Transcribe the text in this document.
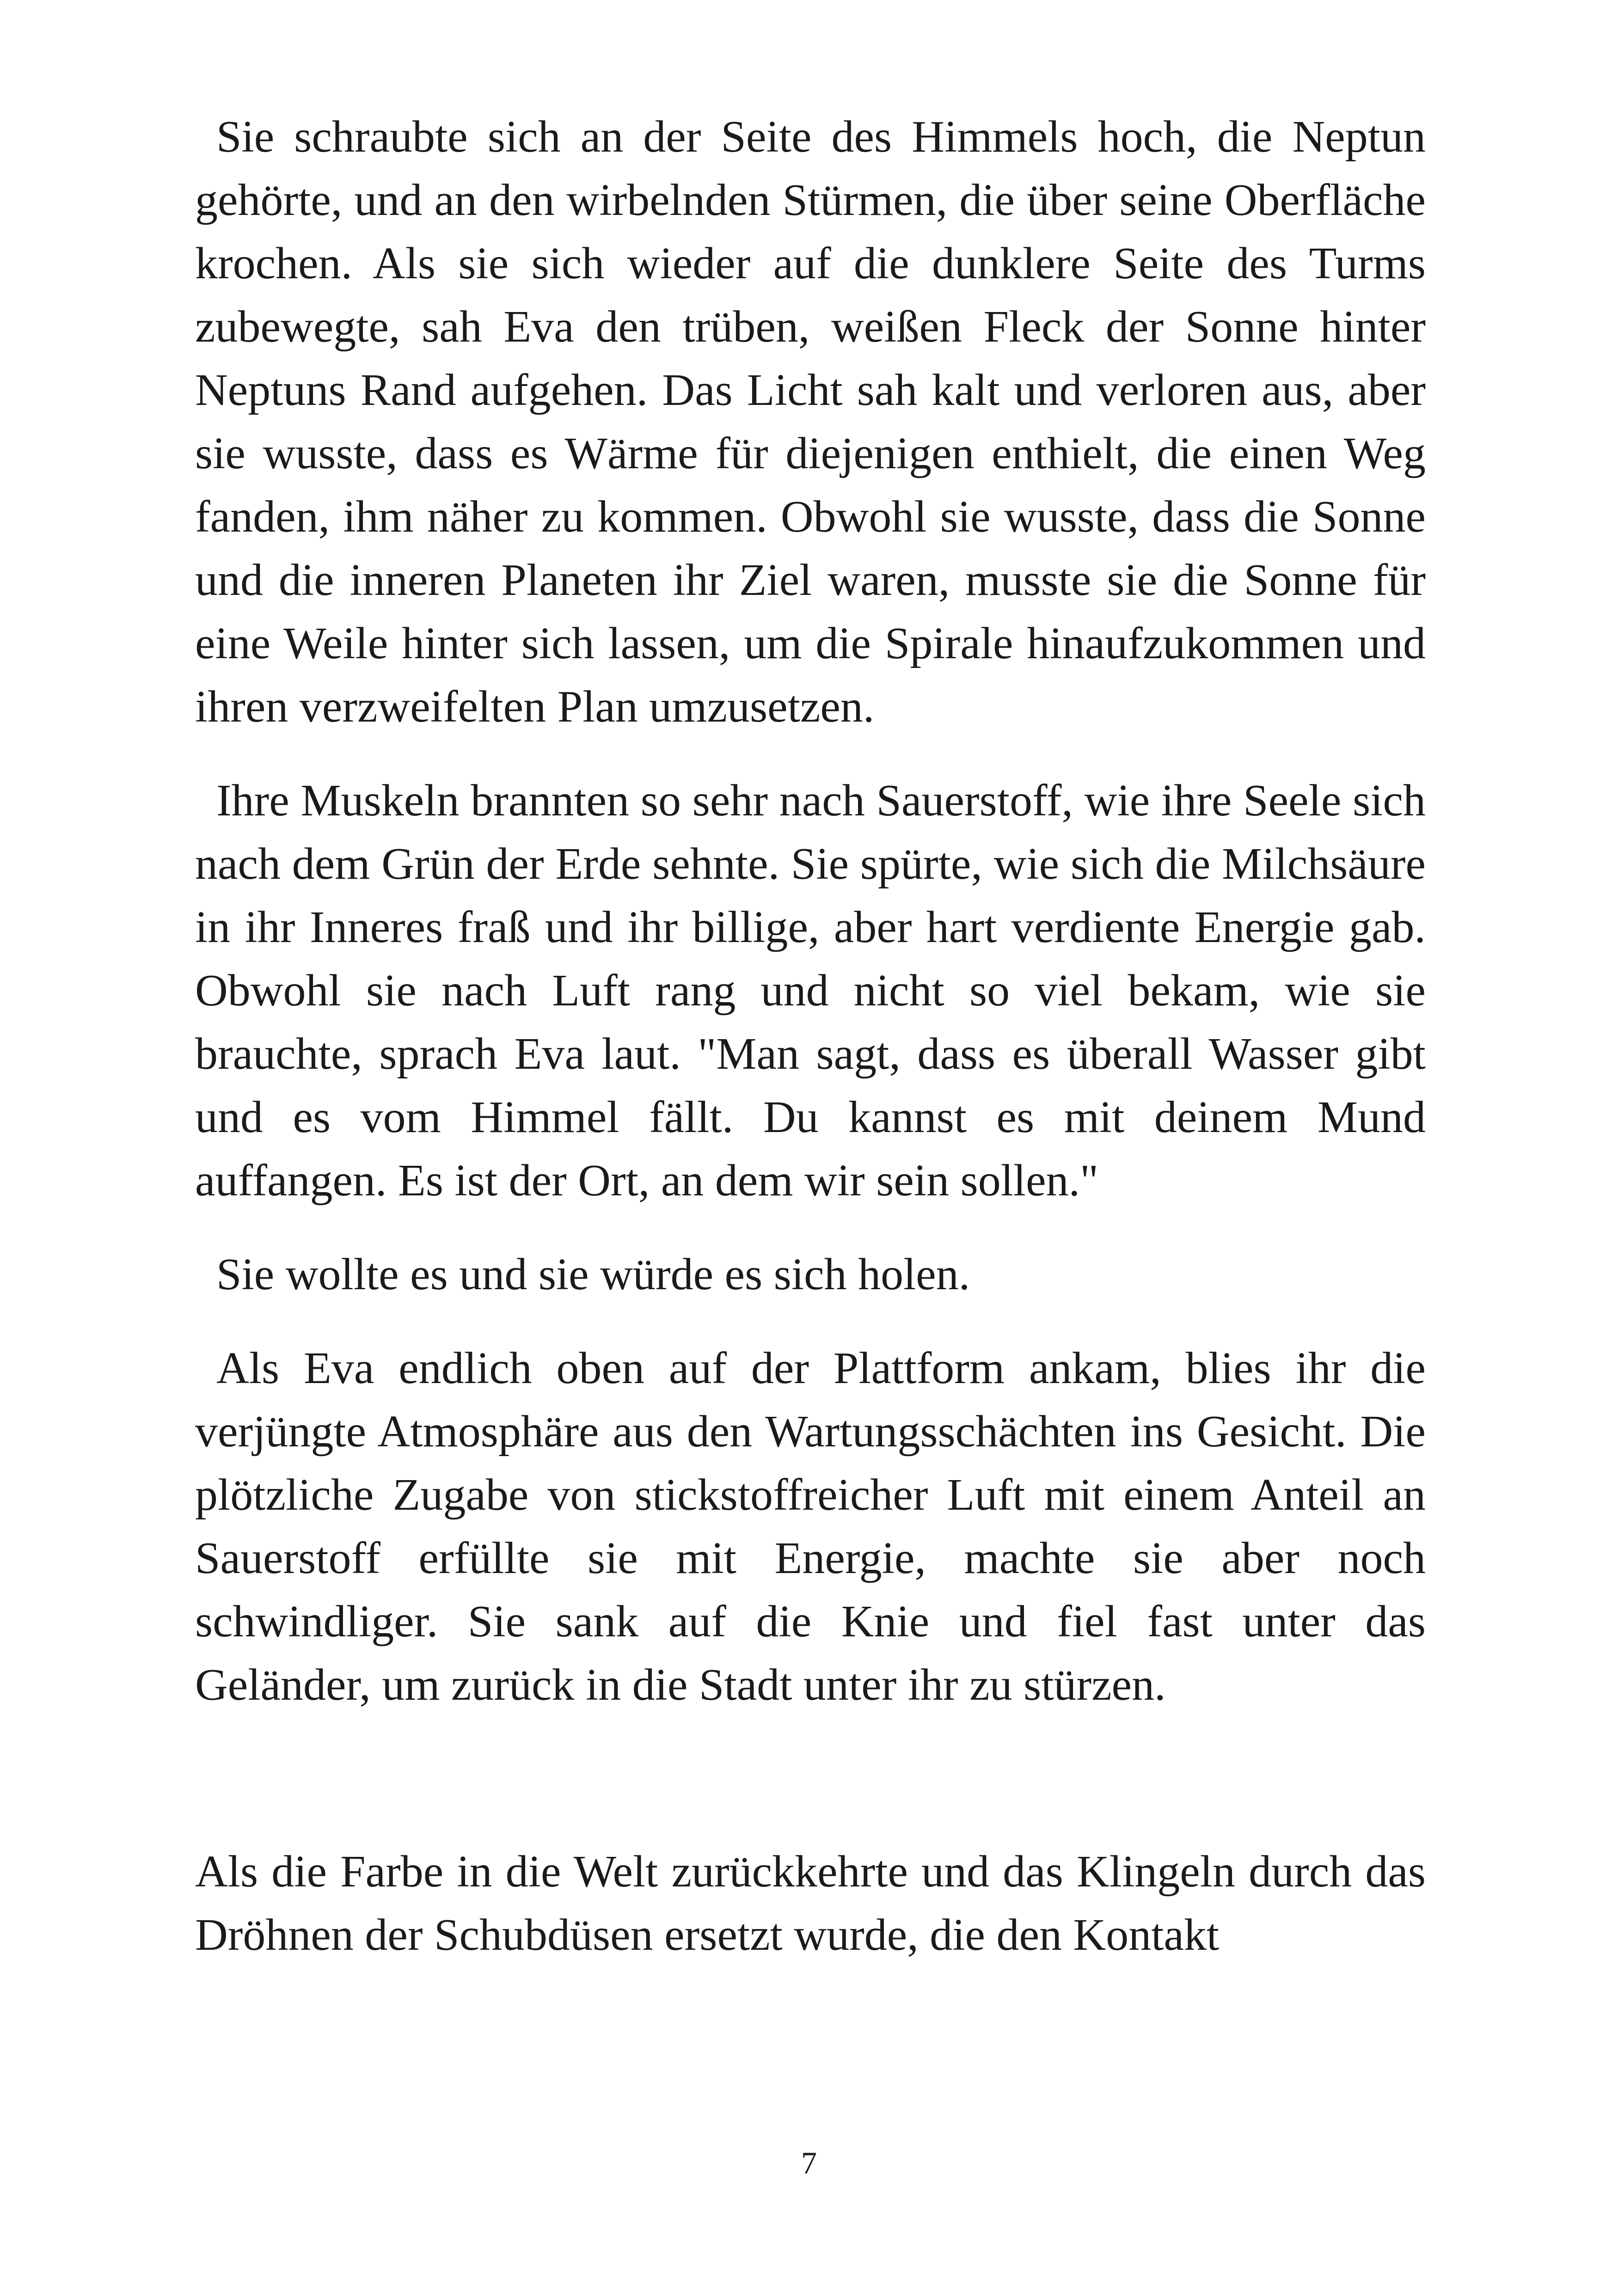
Sie schraubte sich an der Seite des Himmels hoch, die Neptun gehörte, und an den wirbelnden Stürmen, die über seine Oberfläche krochen. Als sie sich wieder auf die dunklere Seite des Turms zubewegte, sah Eva den trüben, weißen Fleck der Sonne hinter Neptuns Rand aufgehen. Das Licht sah kalt und verloren aus, aber sie wusste, dass es Wärme für diejenigen enthielt, die einen Weg fanden, ihm näher zu kommen. Obwohl sie wusste, dass die Sonne und die inneren Planeten ihr Ziel waren, musste sie die Sonne für eine Weile hinter sich lassen, um die Spirale hinaufzukommen und ihren verzweifelten Plan umzusetzen.

Ihre Muskeln brannten so sehr nach Sauerstoff, wie ihre Seele sich nach dem Grün der Erde sehnte. Sie spürte, wie sich die Milchsäure in ihr Inneres fraß und ihr billige, aber hart verdiente Energie gab. Obwohl sie nach Luft rang und nicht so viel bekam, wie sie brauchte, sprach Eva laut. "Man sagt, dass es überall Wasser gibt und es vom Himmel fällt. Du kannst es mit deinem Mund auffangen. Es ist der Ort, an dem wir sein sollen."

Sie wollte es und sie würde es sich holen.

Als Eva endlich oben auf der Plattform ankam, blies ihr die verjüngte Atmosphäre aus den Wartungsschächten ins Gesicht. Die plötzliche Zugabe von stickstoffreicher Luft mit einem Anteil an Sauerstoff erfüllte sie mit Energie, machte sie aber noch schwindliger. Sie sank auf die Knie und fiel fast unter das Geländer, um zurück in die Stadt unter ihr zu stürzen.

Als die Farbe in die Welt zurückkehrte und das Klingeln durch das Dröhnen der Schubdüsen ersetzt wurde, die den Kontakt

7
